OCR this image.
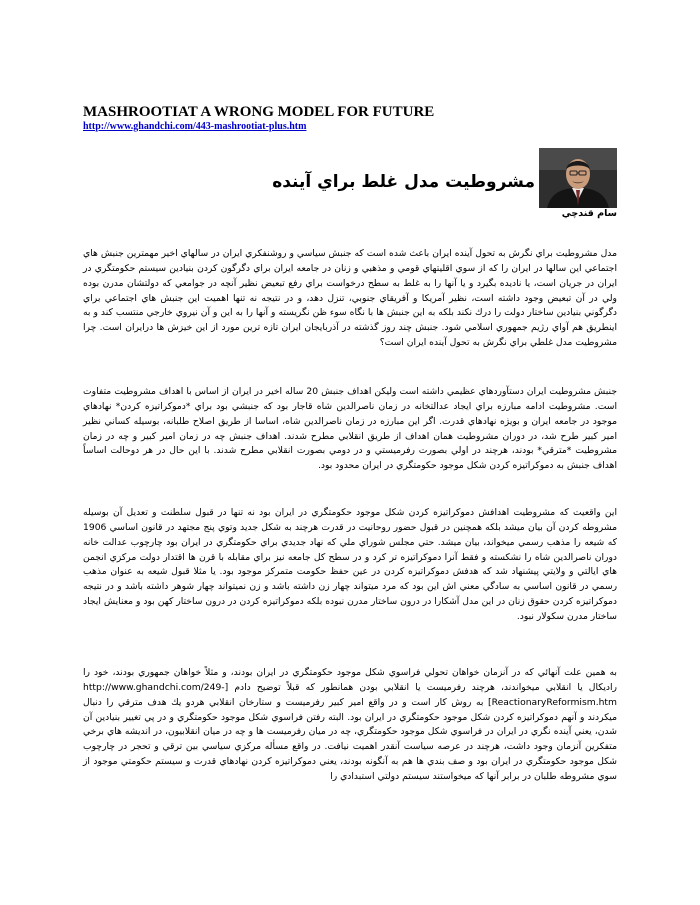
MASHROOTIAT A WRONG MODEL FOR FUTURE
http://www.ghandchi.com/443-mashrootiat-plus.htm
مشروطيت مدل غلط براي آينده
سام قندچي

مدل مشروطيت براي نگرش به تحول آينده ايران باعث شده است كه جنبش سياسي و روشنفكري ايران در سالهاي اخير مهمترين جنبش هاي اجتماعي اين سالها در ايران را كه از سوي اقليتهاي قومي و مذهبي و زنان در جامعه ايران براي دگرگون كردن بنيادين سيستم حكومتگري در ايران در جريان است، يا ناديده بگيرد و يا آنها را به غلط به سطح درخواست براي رفع تبعيض نظير آنچه در جوامعي كه دولتشان مدرن بوده ولي در آن تبعيض وجود داشته است، نظير آمريكا و آفريقاي جنوبي، تنزل دهد، و در نتيجه نه تنها اهميت اين جنبش هاي اجتماعي براي دگرگوني بنيادين ساختار دولت را درك نكند بلكه به اين جنبش ها با نگاه سوء ظن نگريسته و آنها را به اين و آن نيروي خارجي منتسب كند و به اينطريق هم آواي رژيم جمهوري اسلامي شود. جنبش چند روز گذشته در آذربايجان ايران تازه ترين مورد از اين خيزش ها درايران است. چرا مشروطيت مدل غلطي براي نگرش به تحول آينده ايران است؟

جنبش مشروطيت ايران دستآوردهاي عظيمي داشته است وليكن اهداف جنبش 20 ساله اخير در ايران از اساس با اهداف مشروطيت متفاوت است. مشروطيت ادامه مبارزه براي ايجاد عدالتخانه در زمان ناصرالدين شاه قاجار بود كه جنبشي بود براي *دموكراتيزه كردن* نهادهاي موجود در جامعه ايران و بويژه نهادهاي قدرت. اگر اين مبارزه در زمان ناصرالدين شاه، اساسا از طريق اصلاح طلبانه، بوسيله كساني نظير امير كبير طرح شد، در دوران مشروطيت همان اهداف از طريق انقلابي مطرح شدند. اهداف جنبش چه در زمان امير كبير و چه در زمان مشروطيت *مترقي* بودند، هرچند در اولي بصورت رفرميستي و در دومي بصورت انقلابي مطرح شدند. با اين حال در هر دوحالت اساساً اهداف جنبش به دموكراتيزه كردن شكل موجود حكومتگري در ايران محدود بود.

اين واقعيت كه مشروطيت اهدافش دموكراتيزه كردن شكل موجود حكومتگري در ايران بود نه تنها در قبول سلطنت و تعديل آن بوسيله مشروطه كردن آن بيان ميشد بلكه همچنين در قبول حضور روحانيت در قدرت هرچند به شكل جديد وتوي پنج مجتهد در قانون اساسي 1906 كه شيعه را مذهب رسمي ميخواند، بيان ميشد. حتي مجلس شوراي ملي كه نهاد جديدي براي حكومتگري در ايران بود چارچوب عدالت خانه دوران ناصرالدين شاه را نشكسته و فقط آنرا دموكراتيزه تر كرد و در سطح كل جامعه نيز براي مقابله با قرن ها اقتدار دولت مركزي انجمن هاي ايالتي و ولايتي پيشنهاد شد كه هدفش دموكراتيزه كردن در عين حفظ حكومت متمركز موجود بود. يا مثلا قبول شيعه به عنوان مذهب رسمي در قانون اساسي به سادگي معني اش اين بود كه مرد ميتواند چهار زن داشته باشد و زن نميتواند چهار شوهر داشته باشد و در نتيجه دموكراتيزه كردن حقوق زنان در اين مدل آشكارا در درون ساختار مدرن نبوده بلكه دموكراتيزه كردن در درون ساختار كهن بود و معنايش ايجاد ساختار مدرن سكولار نبود.

به همين علت آنهائي كه در آنزمان خواهان تحولي فراسوي شكل موجود حكومتگري در ايران بودند، و مثلاً خواهان جمهوري بودند، خود را راديكال يا انقلابي ميخواندند، هرچند رفرميست يا انقلابي بودن همانطور كه قبلاً توضيح دادم [http://www.ghandchi.com/249-ReactionaryReformism.htm] به روش كار است و در واقع امير كبير رفرميست و ستارخان انقلابي هردو يك هدف مترقي را دنبال ميكردند و آنهم دموكراتيزه كردن شكل موجود حكومتگري در ايران بود. البته رفتن فراسوي شكل موجود حكومتگري و در پي تغيير بنيادين آن شدن، يعني آينده نگري در ايران در فراسوي شكل موجود حكومتگري، چه در ميان رفرميست ها و چه در ميان انقلابيون، در انديشه هاي برخي متفكرين آنزمان وجود داشت، هرچند در عرصه سياست آنقدر اهميت نيافت. در واقع مسأله مركزي سياسي بين ترقي و تحجر در چارچوب شكل موجود حكومتگري در ايران بود و صف بندي ها هم به آنگونه بودند، يعني دموكراتيزه كردن نهادهاي قدرت و سيستم حكومتي موجود از سوي مشروطه طلبان در برابر آنها كه ميخواستند سيستم دولتي استبدادي را
